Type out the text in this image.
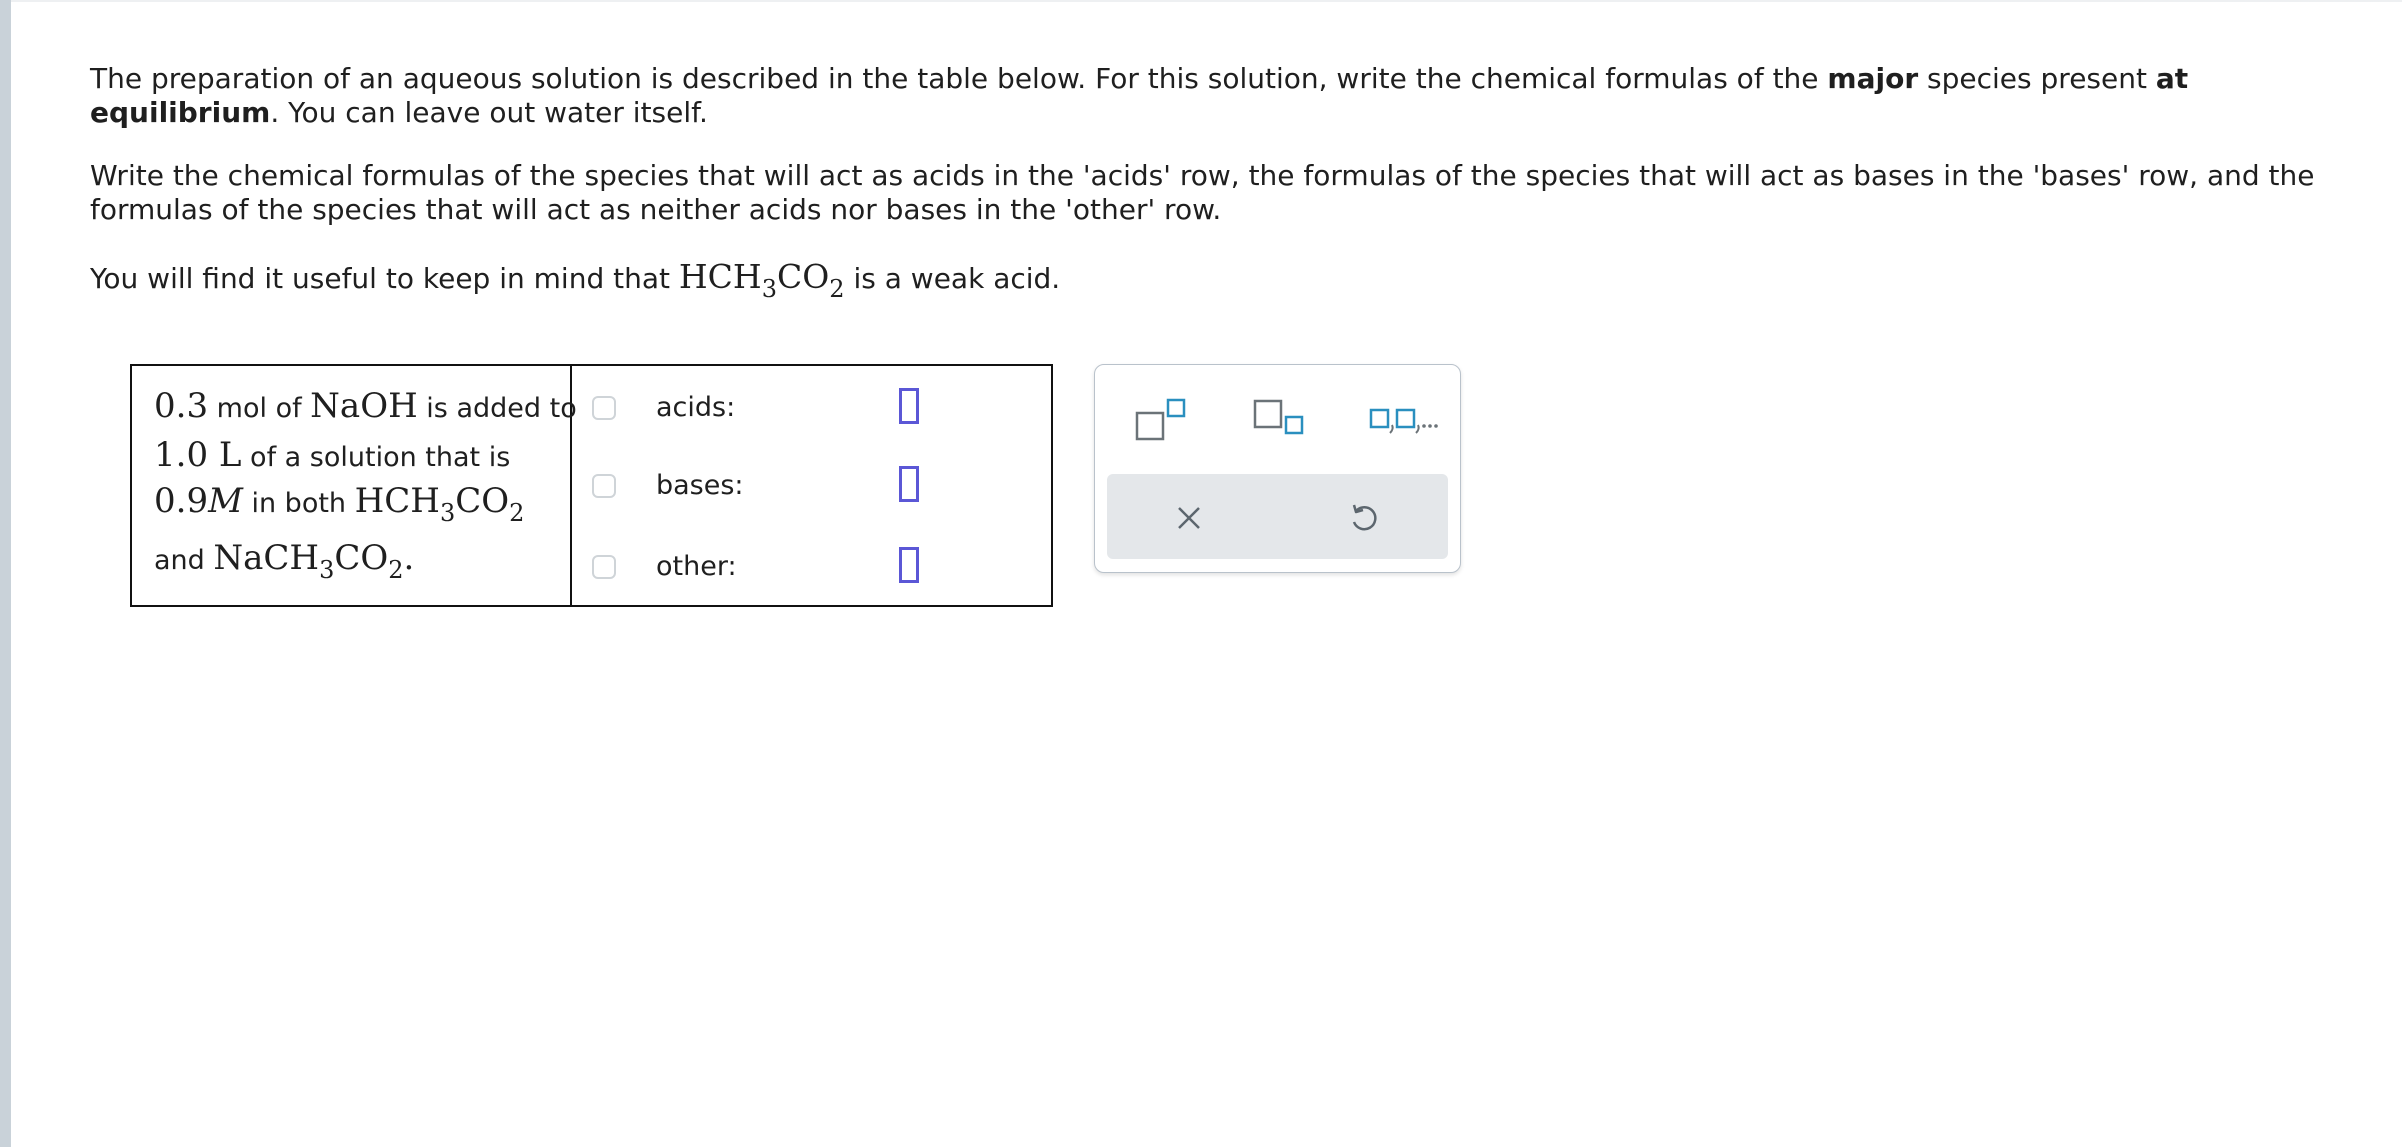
The preparation of an aqueous solution is described in the table below. For this solution, write the chemical formulas of the major species present at equilibrium. You can leave out water itself.

Write the chemical formulas of the species that will act as acids in the 'acids' row, the formulas of the species that will act as bases in the 'bases' row, and the formulas of the species that will act as neither acids nor bases in the 'other' row.

You will find it useful to keep in mind that $HCH_3CO_2$ is a weak acid.

0.3 mol of NaOH is added to
1.0 L of a solution that is
0.9M in both $HCH_3CO_2$
and $NaCH_3CO_2$.
acids:
bases:
other:
